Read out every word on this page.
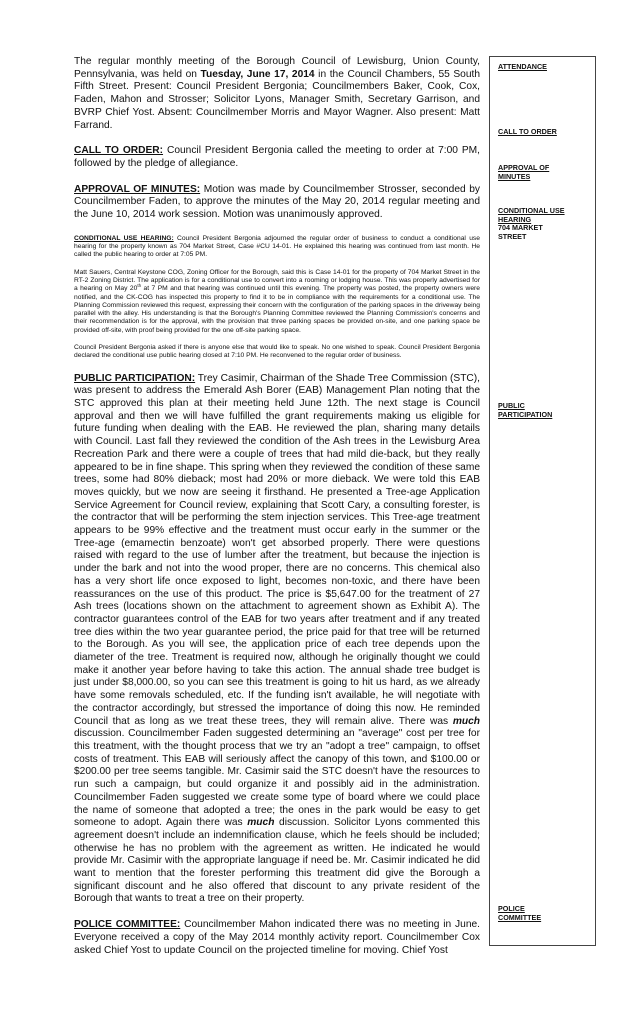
The regular monthly meeting of the Borough Council of Lewisburg, Union County, Pennsylvania, was held on Tuesday, June 17, 2014 in the Council Chambers, 55 South Fifth Street. Present: Council President Bergonia; Councilmembers Baker, Cook, Cox, Faden, Mahon and Strosser; Solicitor Lyons, Manager Smith, Secretary Garrison, and BVRP Chief Yost. Absent: Councilmember Morris and Mayor Wagner. Also present: Matt Farrand.

CALL TO ORDER: Council President Bergonia called the meeting to order at 7:00 PM, followed by the pledge of allegiance.

APPROVAL OF MINUTES: Motion was made by Councilmember Strosser, seconded by Councilmember Faden, to approve the minutes of the May 20, 2014 regular meeting and the June 10, 2014 work session. Motion was unanimously approved.

CONDITIONAL USE HEARING: Council President Bergonia adjourned the regular order of business to conduct a conditional use hearing for the property known as 704 Market Street, Case #CU 14-01. He explained this hearing was continued from last month. He called the public hearing to order at 7:05 PM.

Matt Sauers, Central Keystone COG, Zoning Officer for the Borough, said this is Case 14-01 for the property of 704 Market Street in the RT-2 Zoning District. The application is for a conditional use to convert into a rooming or lodging house. This was properly advertised for a hearing on May 20th at 7 PM and that hearing was continued until this evening. The property was posted, the property owners were notified, and the CK-COG has inspected this property to find it to be in compliance with the requirements for a conditional use. The Planning Commission reviewed this request, expressing their concern with the configuration of the parking spaces in the driveway being parallel with the alley. His understanding is that the Borough's Planning Committee reviewed the Planning Commission's concerns and their recommendation is for the approval, with the provision that three parking spaces be provided on-site, and one parking space be provided off-site, with proof being provided for the one off-site parking space.

Council President Bergonia asked if there is anyone else that would like to speak. No one wished to speak. Council President Bergonia declared the conditional use public hearing closed at 7:10 PM. He reconvened to the regular order of business.

PUBLIC PARTICIPATION: Trey Casimir, Chairman of the Shade Tree Commission (STC), was present to address the Emerald Ash Borer (EAB) Management Plan noting that the STC approved this plan at their meeting held June 12th. The next stage is Council approval and then we will have fulfilled the grant requirements making us eligible for future funding when dealing with the EAB. He reviewed the plan, sharing many details with Council. Last fall they reviewed the condition of the Ash trees in the Lewisburg Area Recreation Park and there were a couple of trees that had mild die-back, but they really appeared to be in fine shape. This spring when they reviewed the condition of these same trees, some had 80% dieback; most had 20% or more dieback. We were told this EAB moves quickly, but we now are seeing it firsthand. He presented a Tree-age Application Service Agreement for Council review, explaining that Scott Cary, a consulting forester, is the contractor that will be performing the stem injection services. This Tree-age treatment appears to be 99% effective and the treatment must occur early in the summer or the Tree-age (emamectin benzoate) won't get absorbed properly. There were questions raised with regard to the use of lumber after the treatment, but because the injection is under the bark and not into the wood proper, there are no concerns. This chemical also has a very short life once exposed to light, becomes non-toxic, and there have been reassurances on the use of this product. The price is $5,647.00 for the treatment of 27 Ash trees (locations shown on the attachment to agreement shown as Exhibit A). The contractor guarantees control of the EAB for two years after treatment and if any treated tree dies within the two year guarantee period, the price paid for that tree will be returned to the Borough. As you will see, the application price of each tree depends upon the diameter of the tree. Treatment is required now, although he originally thought we could make it another year before having to take this action. The annual shade tree budget is just under $8,000.00, so you can see this treatment is going to hit us hard, as we already have some removals scheduled, etc. If the funding isn't available, he will negotiate with the contractor accordingly, but stressed the importance of doing this now. He reminded Council that as long as we treat these trees, they will remain alive. There was much discussion. Councilmember Faden suggested determining an "average" cost per tree for this treatment, with the thought process that we try an "adopt a tree" campaign, to offset costs of treatment. This EAB will seriously affect the canopy of this town, and $100.00 or $200.00 per tree seems tangible. Mr. Casimir said the STC doesn't have the resources to run such a campaign, but could organize it and possibly aid in the administration. Councilmember Faden suggested we create some type of board where we could place the name of someone that adopted a tree; the ones in the park would be easy to get someone to adopt. Again there was much discussion. Solicitor Lyons commented this agreement doesn't include an indemnification clause, which he feels should be included; otherwise he has no problem with the agreement as written. He indicated he would provide Mr. Casimir with the appropriate language if need be. Mr. Casimir indicated he did want to mention that the forester performing this treatment did give the Borough a significant discount and he also offered that discount to any private resident of the Borough that wants to treat a tree on their property.

POLICE COMMITTEE: Councilmember Mahon indicated there was no meeting in June. Everyone received a copy of the May 2014 monthly activity report. Councilmember Cox asked Chief Yost to update Council on the projected timeline for moving. Chief Yost

ATTENDANCE
CALL TO ORDER
APPROVAL OF
MINUTES
CONDITIONAL USE
HEARING
704 MARKET
STREET
PUBLIC
PARTICIPATION
POLICE
COMMITTEE
